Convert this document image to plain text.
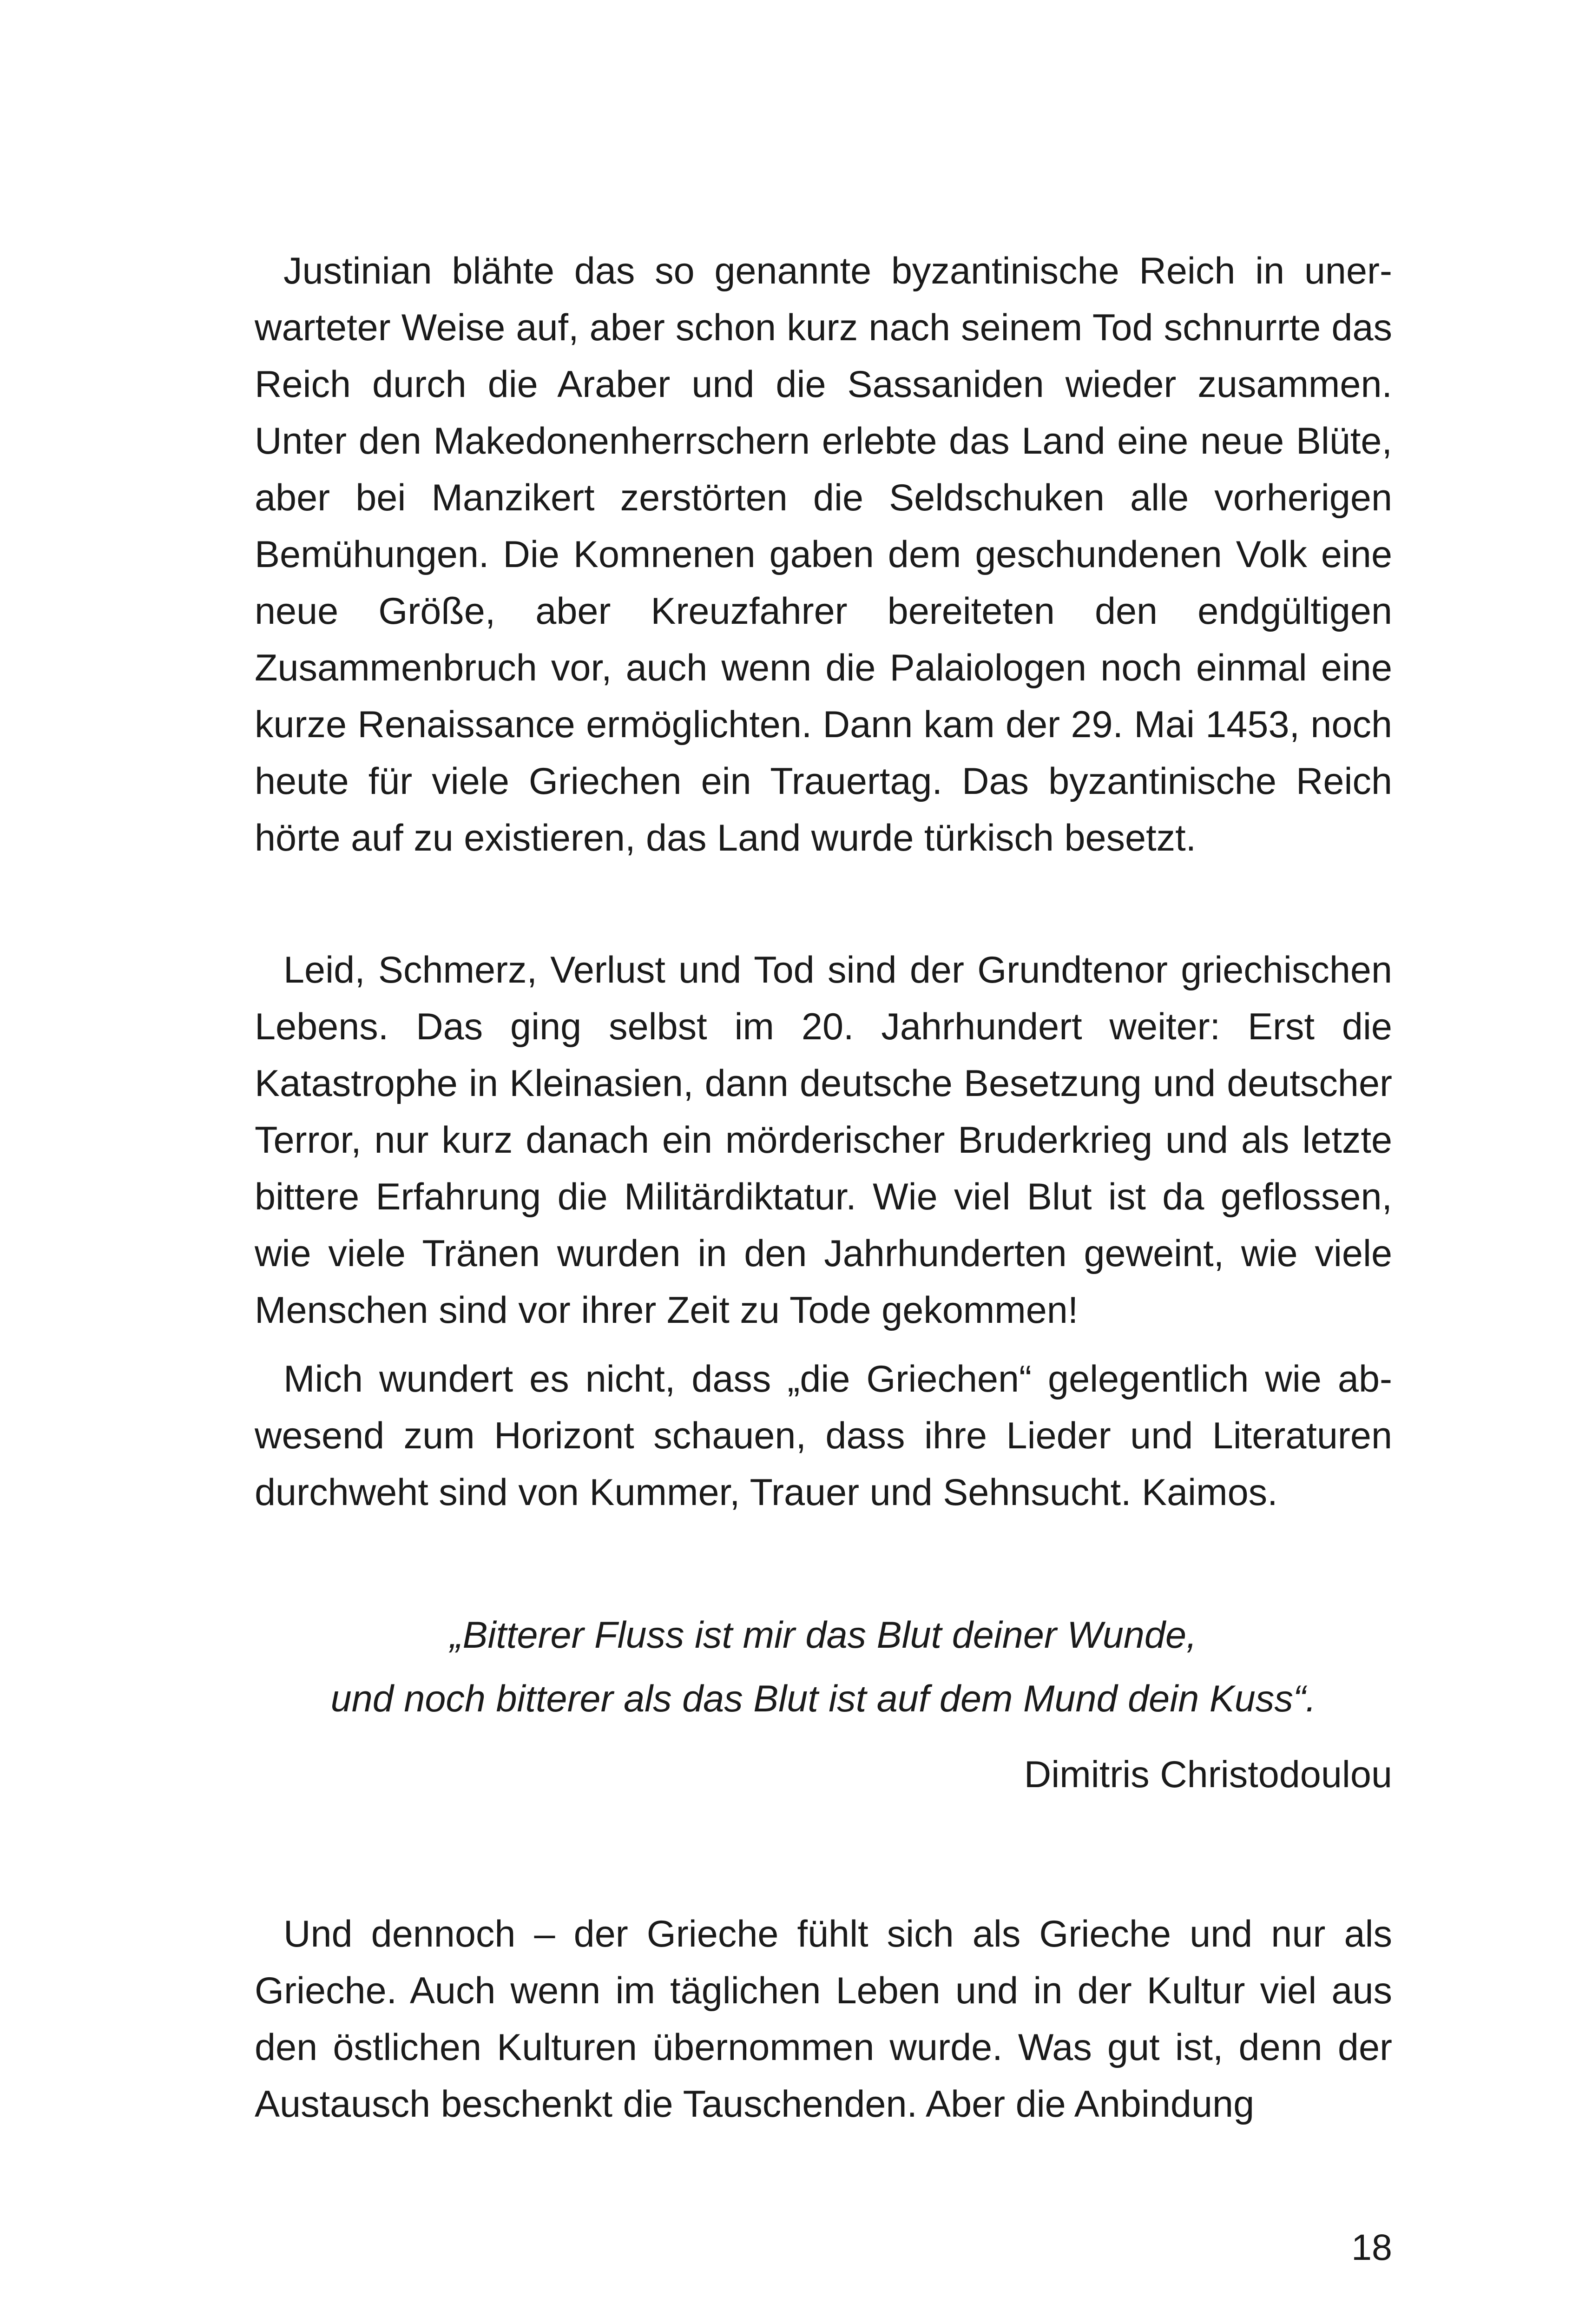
Justinian blähte das so genannte byzantinische Reich in unerwarteter Weise auf, aber schon kurz nach seinem Tod schnurrte das Reich durch die Araber und die Sassaniden wieder zusammen. Unter den Makedonenherrschern erlebte das Land eine neue Blüte, aber bei Manzikert zerstörten die Seldschuken alle vorherigen Bemühungen. Die Komnenen gaben dem geschundenen Volk eine neue Größe, aber Kreuzfahrer bereiteten den endgültigen Zusammenbruch vor, auch wenn die Palaiologen noch einmal eine kurze Renaissance ermöglichten. Dann kam der 29. Mai 1453, noch heute für viele Griechen ein Trauertag. Das byzantinische Reich hörte auf zu existieren, das Land wurde türkisch besetzt.

Leid, Schmerz, Verlust und Tod sind der Grundtenor griechischen Lebens. Das ging selbst im 20. Jahrhundert weiter: Erst die Katastrophe in Kleinasien, dann deutsche Besetzung und deutscher Terror, nur kurz danach ein mörderischer Bruderkrieg und als letzte bittere Erfahrung die Militärdiktatur. Wie viel Blut ist da geflossen, wie viele Tränen wurden in den Jahrhunderten geweint, wie viele Menschen sind vor ihrer Zeit zu Tode gekommen!

Mich wundert es nicht, dass „die Griechen“ gelegentlich wie abwesend zum Horizont schauen, dass ihre Lieder und Literaturen durchweht sind von Kummer, Trauer und Sehnsucht. Kaimos.

„Bitterer Fluss ist mir das Blut deiner Wunde,
und noch bitterer als das Blut ist auf dem Mund dein Kuss“.
Dimitris Christodoulou

Und dennoch – der Grieche fühlt sich als Grieche und nur als Grieche. Auch wenn im täglichen Leben und in der Kultur viel aus den östlichen Kulturen übernommen wurde. Was gut ist, denn der Austausch beschenkt die Tauschenden. Aber die Anbindung

18
